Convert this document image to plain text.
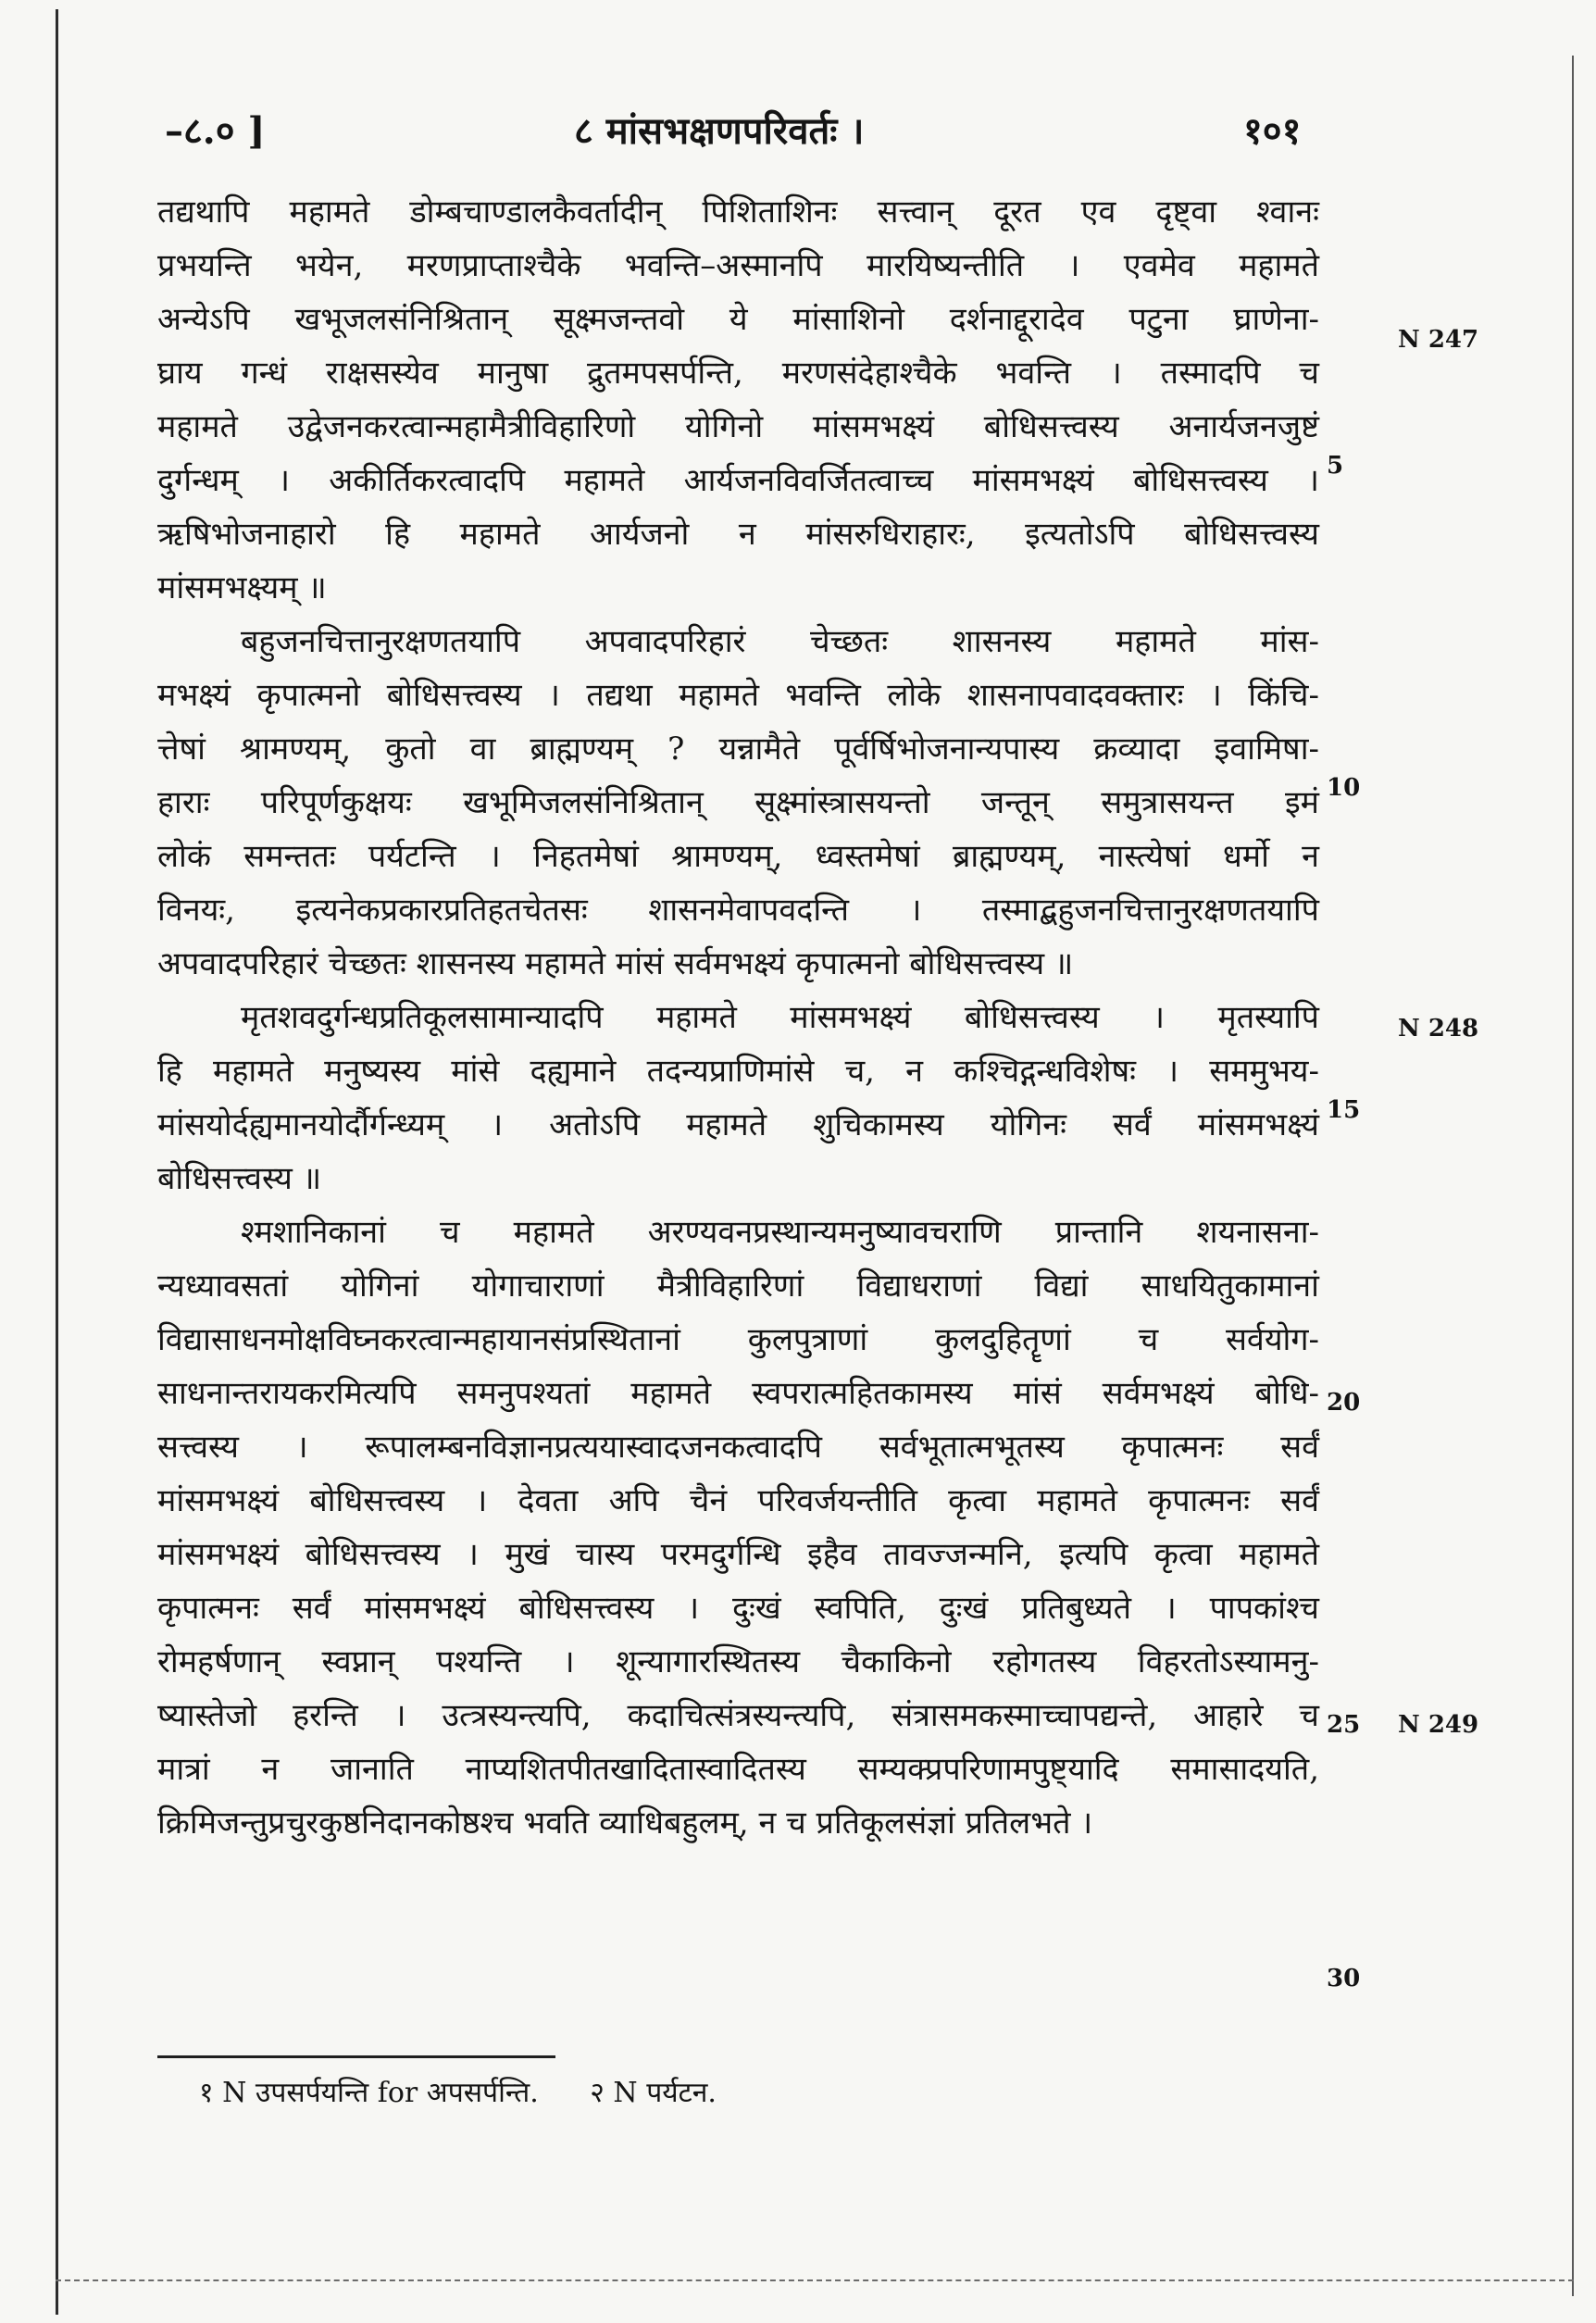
–८.० ]	८ मांसभक्षणपरिवर्तः ।	१०१
तद्यथापि महामते डोम्बचाण्डालकैवर्तादीन् पिशिताशिनः सत्त्वान् दूरत एव दृष्ट्वा श्वानः
प्रभयन्ति भयेन, मरणप्राप्ताश्चैके भवन्ति–अस्मानपि मारयिष्यन्तीति । एवमेव महामते
अन्येऽपि खभूजलसंनिश्रितान् सूक्ष्मजन्तवो ये मांसाशिनो दर्शनाद्दूरादेव पटुना घ्राणेना-
घ्राय गन्धं राक्षसस्येव मानुषा द्रुतमपसर्पन्ति, मरणसंदेहाश्चैके भवन्ति । तस्मादपि च
महामते उद्वेजनकरत्वान्महामैत्रीविहारिणो योगिनो मांसमभक्ष्यं बोधिसत्त्वस्य अनार्यजनजुष्टं
दुर्गन्धम् । अकीर्तिकरत्वादपि महामते आर्यजनविवर्जितत्वाच्च मांसमभक्ष्यं बोधिसत्त्वस्य ।
ऋषिभोजनाहारो हि महामते आर्यजनो न मांसरुधिराहारः, इत्यतोऽपि बोधिसत्त्वस्य
मांसमभक्ष्यम् ॥
बहुजनचित्तानुरक्षणतयापि अपवादपरिहारं चेच्छतः शासनस्य महामते मांस-
मभक्ष्यं कृपात्मनो बोधिसत्त्वस्य । तद्यथा महामते भवन्ति लोके शासनापवादवक्तारः । किंचि-
त्तेषां श्रामण्यम्, कुतो वा ब्राह्मण्यम् ? यन्नामैते पूर्वर्षिभोजनान्यपास्य क्रव्यादा इवामिषा-
हाराः परिपूर्णकुक्षयः खभूमिजलसंनिश्रितान् सूक्ष्मांस्त्रासयन्तो जन्तून् समुत्रासयन्त इमं
लोकं समन्ततः पर्यटन्ति । निहतमेषां श्रामण्यम्, ध्वस्तमेषां ब्राह्मण्यम्, नास्त्येषां धर्मो न
विनयः, इत्यनेकप्रकारप्रतिहतचेतसः शासनमेवापवदन्ति । तस्माद्बहुजनचित्तानुरक्षणतयापि
अपवादपरिहारं चेच्छतः शासनस्य महामते मांसं सर्वमभक्ष्यं कृपात्मनो बोधिसत्त्वस्य ॥
मृतशवदुर्गन्धप्रतिकूलसामान्यादपि महामते मांसमभक्ष्यं बोधिसत्त्वस्य । मृतस्यापि
हि महामते मनुष्यस्य मांसे दह्यमाने तदन्यप्राणिमांसे च, न कश्चिद्गन्धविशेषः । सममुभय-
मांसयोर्दह्यमानयोर्दौर्गन्ध्यम् । अतोऽपि महामते शुचिकामस्य योगिनः सर्वं मांसमभक्ष्यं
बोधिसत्त्वस्य ॥
श्मशानिकानां च महामते अरण्यवनप्रस्थान्यमनुष्यावचराणि प्रान्तानि शयनासना-
न्यध्यावसतां योगिनां योगाचाराणां मैत्रीविहारिणां विद्याधराणां विद्यां साधयितुकामानां
विद्यासाधनमोक्षविघ्नकरत्वान्महायानसंप्रस्थितानां कुलपुत्राणां कुलदुहितॄणां च सर्वयोग-
साधनान्तरायकरमित्यपि समनुपश्यतां महामते स्वपरात्महितकामस्य मांसं सर्वमभक्ष्यं बोधि-
सत्त्वस्य । रूपालम्बनविज्ञानप्रत्ययास्वादजनकत्वादपि सर्वभूतात्मभूतस्य कृपात्मनः सर्वं
मांसमभक्ष्यं बोधिसत्त्वस्य । देवता अपि चैनं परिवर्जयन्तीति कृत्वा महामते कृपात्मनः सर्वं
मांसमभक्ष्यं बोधिसत्त्वस्य । मुखं चास्य परमदुर्गन्धि इहैव तावज्जन्मनि, इत्यपि कृत्वा महामते
कृपात्मनः सर्वं मांसमभक्ष्यं बोधिसत्त्वस्य । दुःखं स्वपिति, दुःखं प्रतिबुध्यते । पापकांश्च
रोमहर्षणान् स्वप्नान् पश्यन्ति । शून्यागारस्थितस्य चैकाकिनो रहोगतस्य विहरतोऽस्यामनु-
ष्यास्तेजो हरन्ति । उत्त्रस्यन्त्यपि, कदाचित्संत्रस्यन्त्यपि, संत्रासमकस्माच्चापद्यन्ते, आहारे च
मात्रां न जानाति नाप्यशितपीतखादितास्वादितस्य सम्यक्प्रपरिणामपुष्ट्यादि समासादयति,
क्रिमिजन्तुप्रचुरकुष्ठनिदानकोष्ठश्च भवति व्याधिबहुलम्, न च प्रतिकूलसंज्ञां प्रतिलभते ।
5
10
15
20
25
30
N 247
N 248
N 249
१ N उपसर्पयन्ति for अपसर्पन्ति. २ N पर्यटन.
